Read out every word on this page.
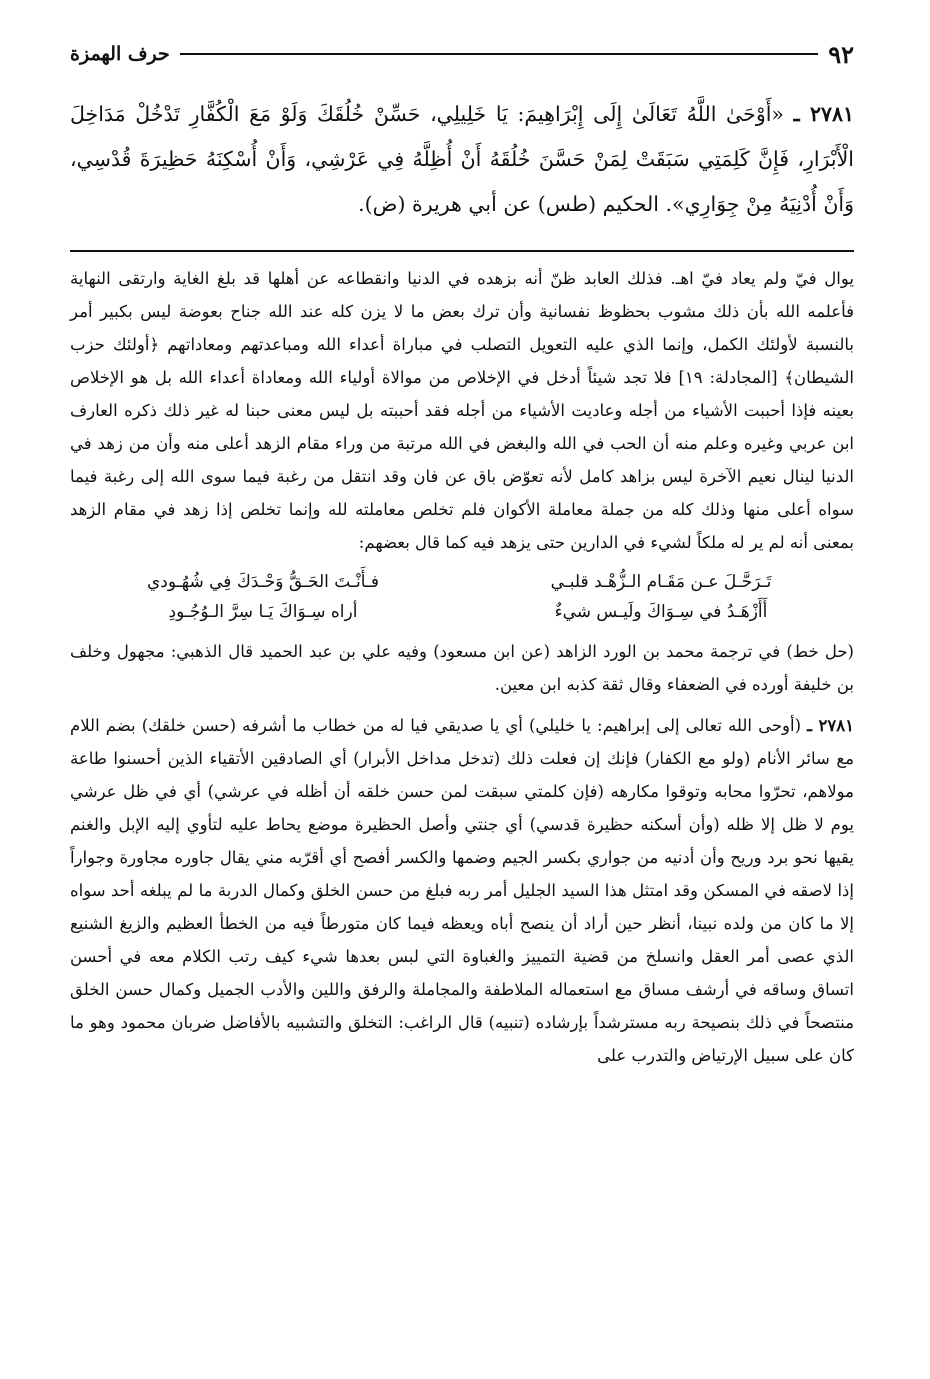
٩٢
حرف الهمزة
٢٧٨١ ـ «أَوْحَىٰ اللَّهُ تَعَالَىٰ إِلَى إِبْرَاهِيمَ: يَا خَلِيلِي، حَسِّنْ خُلُقَكَ وَلَوْ مَعَ الْكُفَّارِ تَدْخُلْ مَدَاخِلَ الْأَبْرَارِ، فَإِنَّ كَلِمَتِي سَبَقَتْ لِمَنْ حَسَّنَ خُلُقَهُ أَنْ أُظِلَّهُ فِي عَرْشِي، وَأَنْ أُسْكِنَهُ حَظِيرَةَ قُدْسِي، وَأَنْ أُدْنِيَهُ مِنْ جِوَارِي». الحكيم (طس) عن أبي هريرة (ض).

يوال فيّ ولم يعاد فيّ اهـ. فذلك العابد ظنّ أنه بزهده في الدنيا وانقطاعه عن أهلها قد بلغ الغاية وارتقى النهاية فأعلمه الله بأن ذلك مشوب بحظوظ نفسانية وأن ترك بعض ما لا يزن كله عند الله جناح بعوضة ليس بكبير أمر بالنسبة لأولئك الكمل، وإنما الذي عليه التعويل التصلب في مباراة أعداء الله ومباعدتهم ومعاداتهم ﴿أولئك حزب الشيطان﴾ [المجادلة: ١٩] فلا تجد شيئاً أدخل في الإخلاص من موالاة أولياء الله ومعاداة أعداء الله بل هو الإخلاص بعينه فإذا أحببت الأشياء من أجله وعاديت الأشياء من أجله فقد أحببته بل ليس معنى حبنا له غير ذلك ذكره العارف ابن عربي وغيره وعلم منه أن الحب في الله والبغض في الله مرتبة من وراء مقام الزهد أعلى منه وأن من زهد في الدنيا لينال نعيم الآخرة ليس بزاهد كامل لأنه تعوّض باق عن فان وقد انتقل من رغبة فيما سوى الله إلى رغبة فيما سواه أعلى منها وذلك كله من جملة معاملة الأكوان فلم تخلص معاملته لله وإنما تخلص إذا زهد في مقام الزهد بمعنى أنه لم ير له ملكاً لشيء في الدارين حتى يزهد فيه كما قال بعضهم:

تَـرَحَّـلَ عـن مَقَـام الـزُّهْـد قلبـي
فـأَنْـتَ الحَـقُّ وَحْـدَكَ فِي شُهُـودي
أَأَزْهَـدُ في سِـوَاكَ ولَيـس شيءٌ
أراه سِـوَاكَ يَـا سِرَّ الـوُجُـودِ

(حل خط) في ترجمة محمد بن الورد الزاهد (عن ابن مسعود) وفيه علي بن عبد الحميد قال الذهبي: مجهول وخلف بن خليفة أورده في الضعفاء وقال ثقة كذبه ابن معين.

٢٧٨١ ـ (أوحى الله تعالى إلى إبراهيم: يا خليلي) أي يا صديقي فيا له من خطاب ما أشرفه (حسن خلقك) بضم اللام مع سائر الأنام (ولو مع الكفار) فإنك إن فعلت ذلك (تدخل مداخل الأبرار) أي الصادقين الأتقياء الذين أحسنوا طاعة مولاهم، تحرّوا محابه وتوقوا مكارهه (فإن كلمتي سبقت لمن حسن خلقه أن أظله في عرشي) أي في ظل عرشي يوم لا ظل إلا ظله (وأن أسكنه حظيرة قدسي) أي جنتي وأصل الحظيرة موضع يحاط عليه لتأوي إليه الإبل والغنم يقيها نحو برد وريح وأن أدنيه من جواري بكسر الجيم وضمها والكسر أفصح أي أقرّبه مني يقال جاوره مجاورة وجواراً إذا لاصقه في المسكن وقد امتثل هذا السيد الجليل أمر ربه فبلغ من حسن الخلق وكمال الدربة ما لم يبلغه أحد سواه إلا ما كان من ولده نبينا، أنظر حين أراد أن ينصح أباه ويعظه فيما كان متورطاً فيه من الخطأ العظيم والزيغ الشنيع الذي عصى أمر العقل وانسلخ من قضية التمييز والغباوة التي لبس بعدها شيء كيف رتب الكلام معه في أحسن اتساق وساقه في أرشف مساق مع استعماله الملاطفة والمجاملة والرفق واللين والأدب الجميل وكمال حسن الخلق منتصحاً في ذلك بنصيحة ربه مسترشداً بإرشاده (تنبيه) قال الراغب: التخلق والتشبيه بالأفاضل ضربان محمود وهو ما كان على سبيل الإرتياض والتدرب على
